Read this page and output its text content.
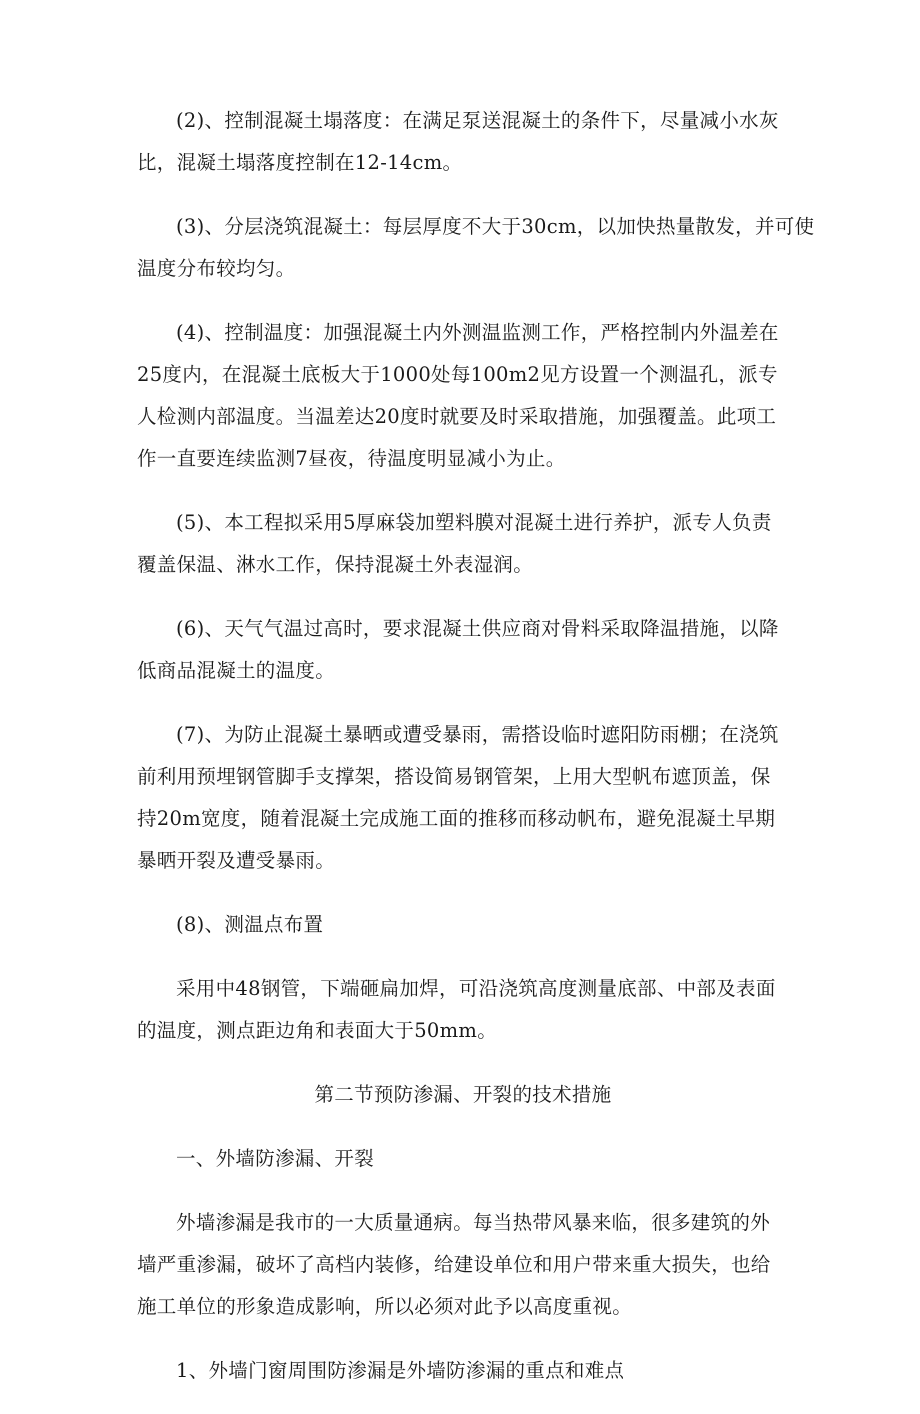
(2)、控制混凝土塌落度：在满足泵送混凝土的条件下，尽量减小水灰
比，混凝土塌落度控制在12-14cm。

(3)、分层浇筑混凝土：每层厚度不大于30cm，以加快热量散发，并可使
温度分布较均匀。

(4)、控制温度：加强混凝土内外测温监测工作，严格控制内外温差在
25度内，在混凝土底板大于1000处每100m2见方设置一个测温孔，派专
人检测内部温度。当温差达20度时就要及时采取措施，加强覆盖。此项工
作一直要连续监测7昼夜，待温度明显减小为止。

(5)、本工程拟采用5厚麻袋加塑料膜对混凝土进行养护，派专人负责
覆盖保温、淋水工作，保持混凝土外表湿润。

(6)、天气气温过高时，要求混凝土供应商对骨料采取降温措施，以降
低商品混凝土的温度。

(7)、为防止混凝土暴晒或遭受暴雨，需搭设临时遮阳防雨棚；在浇筑
前利用预埋钢管脚手支撑架，搭设简易钢管架，上用大型帆布遮顶盖，保
持20m宽度，随着混凝土完成施工面的推移而移动帆布，避免混凝土早期
暴晒开裂及遭受暴雨。

(8)、测温点布置

采用中48钢管，下端砸扁加焊，可沿浇筑高度测量底部、中部及表面
的温度，测点距边角和表面大于50mm。

第二节预防渗漏、开裂的技术措施

一、外墙防渗漏、开裂

外墙渗漏是我市的一大质量通病。每当热带风暴来临，很多建筑的外
墙严重渗漏，破坏了高档内装修，给建设单位和用户带来重大损失，也给
施工单位的形象造成影响，所以必须对此予以高度重视。

1、外墙门窗周围防渗漏是外墙防渗漏的重点和难点
